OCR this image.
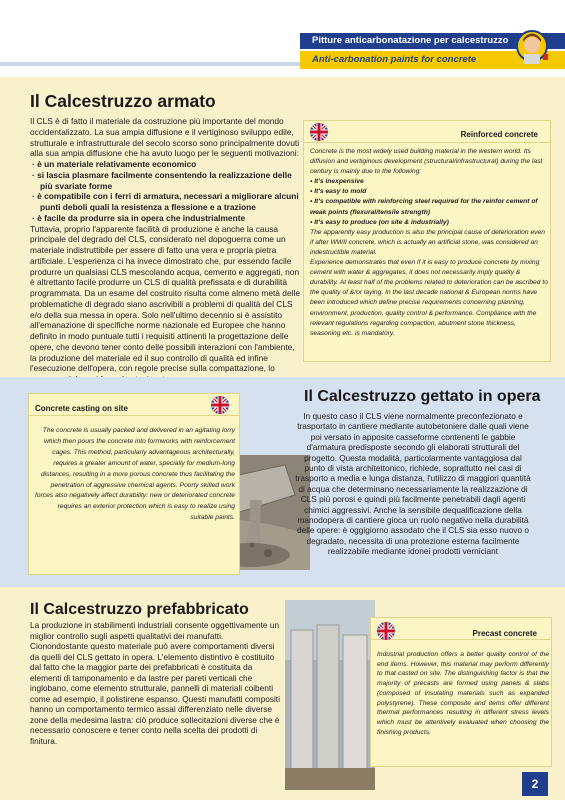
Pitture anticarbonatazione per calcestruzzo
Anti-carbonation paints for concrete
Il Calcestruzzo armato
Il CLS è di fatto il materiale da costruzione più importante del mondo occidentalizzato. La sua ampia diffusione e il vertiginoso sviluppo edile, strutturale e infrastrutturale del secolo scorso sono principalmente dovuti alla sua ampia diffusione che ha avuto luogo per le seguenti motivazioni:
· è un materiale relativamente economico
· si lascia plasmare facilmente consentendo la realizzazione delle più svariate forme
· è compatibile con i ferri di armatura, necessari a migliorare alcuni punti deboli quali la resistenza a flessione e a trazione
· è facile da produrre sia in opera che industrialmente
Tuttavia, proprio l'apparente facilità di produzione è anche la causa principale del degrado del CLS, considerato nel dopoguerra come un materiale indistruttibile per essere di fatto una vera e propria pietra artificiale. L'esperienza ci ha invece dimostrato che, pur essendo facile produrre un qualsiasi CLS mescolando acqua, cemento e aggregati, non è altrettanto facile produrre un CLS di qualità prefissata e di durabilità programmata. Da un esame del costruito risulta come almeno metà delle problematiche di degrado siano ascrivibili a problemi di qualità del CLS e/o della sua messa in opera. Solo nell'ultimo decennio si è assistito all'emanazione di specifiche norme nazionale ed Europee che hanno definito in modo puntuale tutti i requisiti attinenti la progettazione delle opere, che devono tener conto delle possibili interazioni con l'ambiente, la produzione del materiale ed il suo controllo di qualità ed infine l'esecuzione dell'opera, con regole precise sulla compattazione, lo
Reinforced concrete
Concrete is the most widely used building material in the western world. Its diffusion and vertiginous development (structural/infrastructural) during the last century is mainly due to the following:
• It's inexpensive
• It's easy to mold
• It's compatible with reinforcing steel required for the reinfor cement of weak points (flexural/tensile strength)
• It's easy to produce (on site & industrially)
The apparently easy production is also the principal cause of deterioration even if after WWII concrete, which is actually an artificial stone, was considered an indestructible material.
Experience demonstrates that even if it is easy to produce concrete by mixing cement with water & aggregates, it does not necessarily imply quality & durability. At least half of the problems related to deterioration can be ascribed to the quality of &/or laying. In the last decade national & European norms have been introduced which define precise requirements concerning planning, environment, production, quality control & performance. Compliance with the relevant regulations regarding compaction, abutment stone thickness, seasoning etc. is mandatory.
Il Calcestruzzo gettato in opera
In questo caso il CLS viene normalmente preconfezionato e trasportato in cantiere mediante autobetoniere dalle quali viene poi versato in apposite casseforme contenenti le gabbie d'armatura predisposte secondo gli elaborati strutturali del progetto. Questa modalità, particolarmente vantaggiosa dal punto di vista architettonico, richiede, soprattutto nei casi di trasporto a media e lunga distanza, l'utilizzo di maggiori quantità di acqua che determinano necessariamente la realizzazione di CLS più porosi e quindi più facilmente penetrabili dagli agenti chimici aggressivi. Anche la sensibile dequalificazione della manodopera di cantiere gioca un ruolo negativo nella durabilità delle opere: è oggigiorno assodato che il CLS sia esso nuovo o degradato, necessita di una protezione esterna facilmente realizzabile mediante idonei prodotti verniciant
Concrete casting on site
The concrete is usually packed and delivered in an agitating lorry which then pours the concrete into formworks with reinforcement cages. This method, particularly advantageous architecturally, requires a greater amount of water, specially for medium-long distances, resulting in a more porous concrete thus facilitating the penetration of aggressive chemical agents. Poorly skilled work forces also negatively affect durability: new or deteriorated concrete requires an exterior protection which is easy to realize using suitable paints.
Il Calcestruzzo prefabbricato
La produzione in stabilimenti industriali consente oggettivamente un miglior controllo sugli aspetti qualitativi dei manufatti. Cionondostante questo materiale può avere comportamenti diversi da quelli del CLS gettato in opera. L'elemento distintivo è costituito dal fatto che la maggior parte dei prefabbricati è costituita da elementi di tamponamento e da lastre per pareti verticali che inglobano, come elemento strutturale, pannelli di materiali coibenti come ad esempio, il polistirene espanso. Questi manufatti compositi hanno un comportamento termico assai differenziato nelle diverse zone della medesima lastra: ciò produce sollecitazioni diverse che è necessario conoscere e tener conto nella scelta dei prodotti di finitura.
Precast concrete
Industrial production offers a better quality control of the end items. However, this material may perform differently to that casted on site. The distinguishing factor is that the majority of precasts are formed using panels & slabs (composed of insulating materials such as expanded polystyrene). These composite and items offer different thermal performances resulting in different stress levels which must be attentively evaluated when choosing the finishing products.
2
